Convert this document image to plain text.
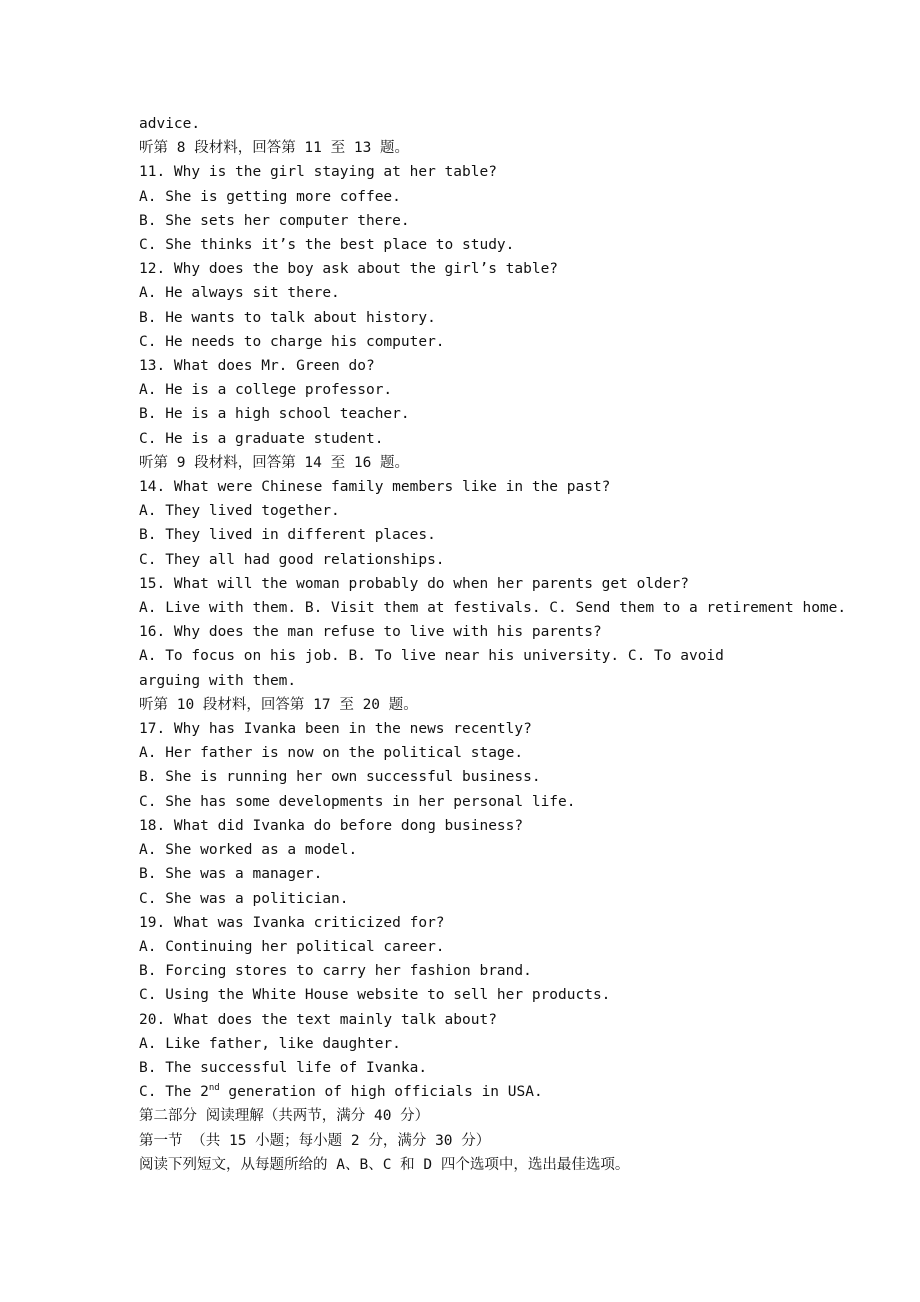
advice.
听第 8 段材料，回答第 11 至 13 题。
11. Why is the girl staying at her table?
A. She is getting more coffee.
B. She sets her computer there.
C. She thinks it’s the best place to study.
12. Why does the boy ask about the girl’s table?
A. He always sit there.
B. He wants to talk about history.
C. He needs to charge his computer.
13. What does Mr. Green do?
A. He is a college professor.
B. He is a high school teacher.
C. He is a graduate student.
听第 9 段材料，回答第 14 至 16 题。
14. What were Chinese family members like in the past?
A. They lived together.
B. They lived in different places.
C. They all had good relationships.
15. What will the woman probably do when her parents get older?
A. Live with them. B. Visit them at festivals. C. Send them to a retirement home.
16. Why does the man refuse to live with his parents?
A. To focus on his job. B. To live near his university. C. To avoid arguing with them.
听第 10 段材料，回答第 17 至 20 题。
17. Why has Ivanka been in the news recently?
A. Her father is now on the political stage.
B. She is running her own successful business.
C. She has some developments in her personal life.
18. What did Ivanka do before dong business?
A. She worked as a model.
B. She was a manager.
C. She was a politician.
19. What was Ivanka criticized for?
A. Continuing her political career.
B. Forcing stores to carry her fashion brand.
C. Using the White House website to sell her products.
20. What does the text mainly talk about?
A. Like father, like daughter.
B. The successful life of Ivanka.
C. The 2nd generation of high officials in USA.
第二部分 阅读理解（共两节，满分 40 分）
第一节 （共 15 小题；每小题 2 分，满分 30 分）
阅读下列短文，从每题所给的 A、B、C 和 D 四个选项中，选出最佳选项。
